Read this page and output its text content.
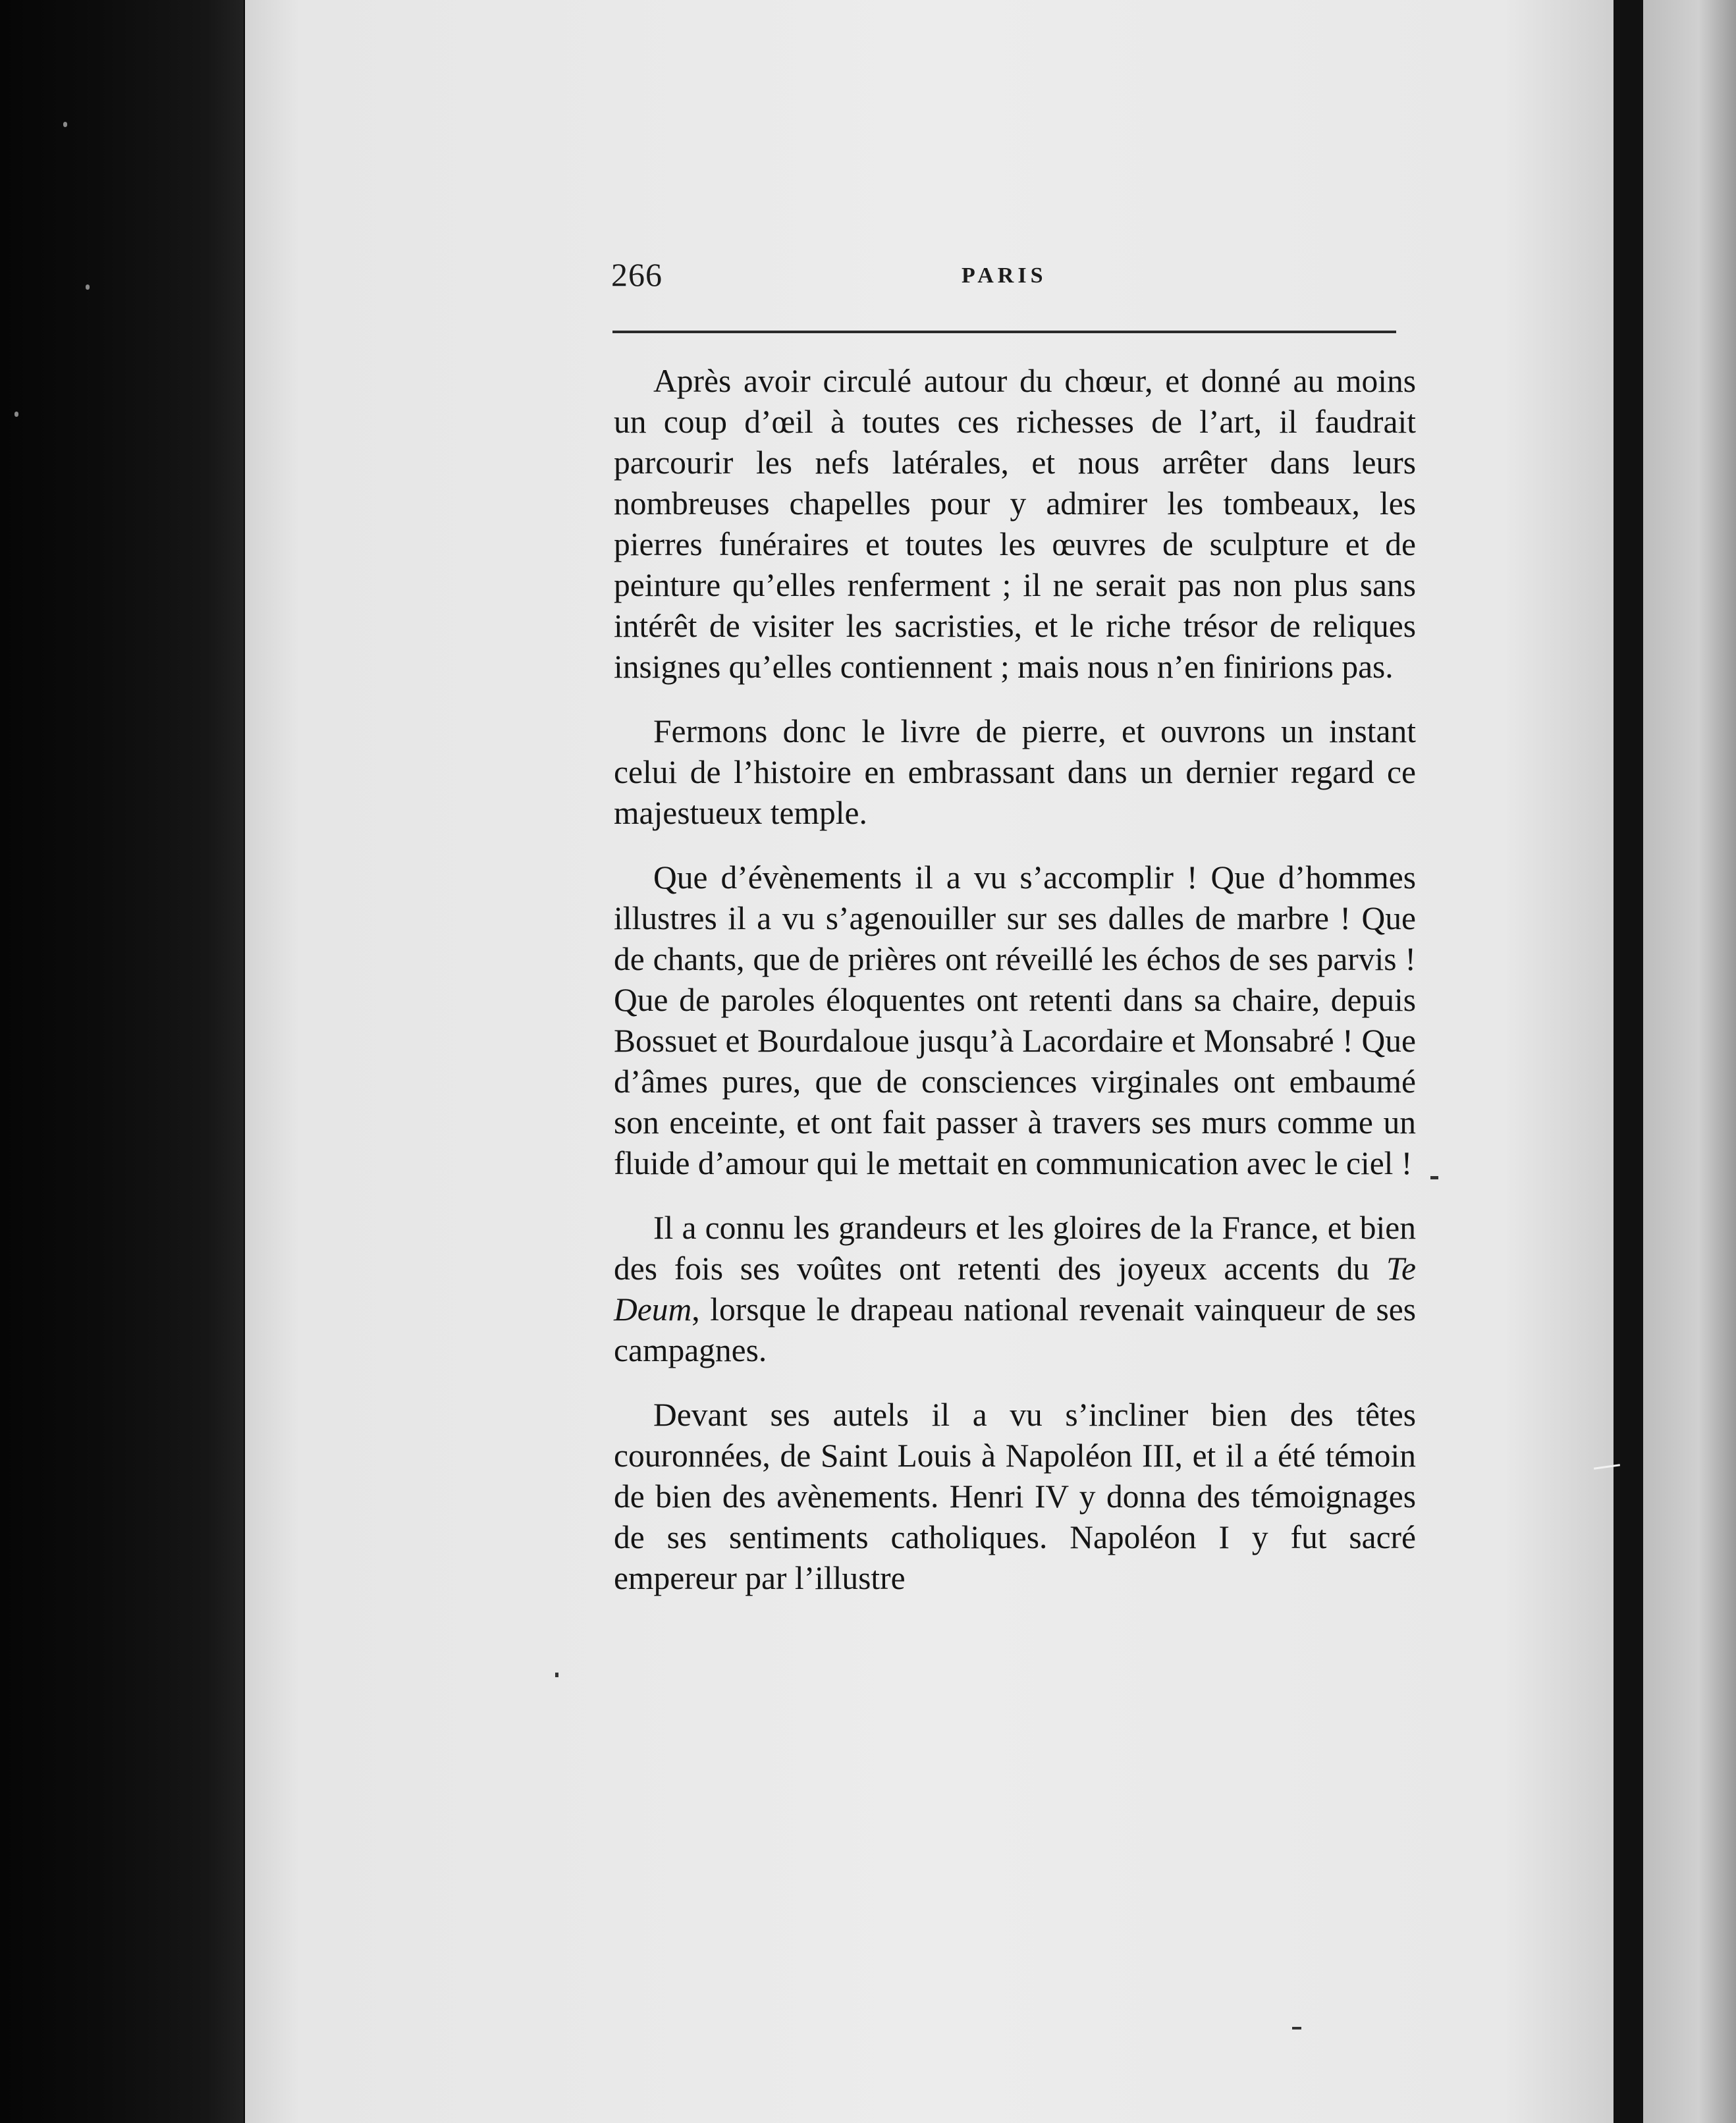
266	PARIS

Après avoir circulé autour du chœur, et donné au moins un coup d’œil à toutes ces richesses de l’art, il faudrait parcourir les nefs latérales, et nous arrêter dans leurs nombreuses chapelles pour y admirer les tombeaux, les pierres funéraires et toutes les œuvres de sculpture et de peinture qu’elles renferment ; il ne serait pas non plus sans intérêt de visiter les sacristies, et le riche trésor de reliques insignes qu’elles contiennent ; mais nous n’en finirions pas.

Fermons donc le livre de pierre, et ouvrons un instant celui de l’histoire en embrassant dans un dernier regard ce majestueux temple.

Que d’évènements il a vu s’accomplir ! Que d’hommes illustres il a vu s’agenouiller sur ses dalles de marbre ! Que de chants, que de prières ont réveillé les échos de ses parvis ! Que de paroles éloquentes ont retenti dans sa chaire, depuis Bossuet et Bourdaloue jusqu’à Lacordaire et Monsabré ! Que d’âmes pures, que de consciences virginales ont embaumé son enceinte, et ont fait passer à travers ses murs comme un fluide d’amour qui le mettait en communication avec le ciel !

Il a connu les grandeurs et les gloires de la France, et bien des fois ses voûtes ont retenti des joyeux accents du Te Deum, lorsque le drapeau national revenait vainqueur de ses campagnes.

Devant ses autels il a vu s’incliner bien des têtes couronnées, de Saint Louis à Napoléon III, et il a été témoin de bien des avènements. Henri IV y donna des témoignages de ses sentiments catholiques. Napoléon I y fut sacré empereur par l’illustre
